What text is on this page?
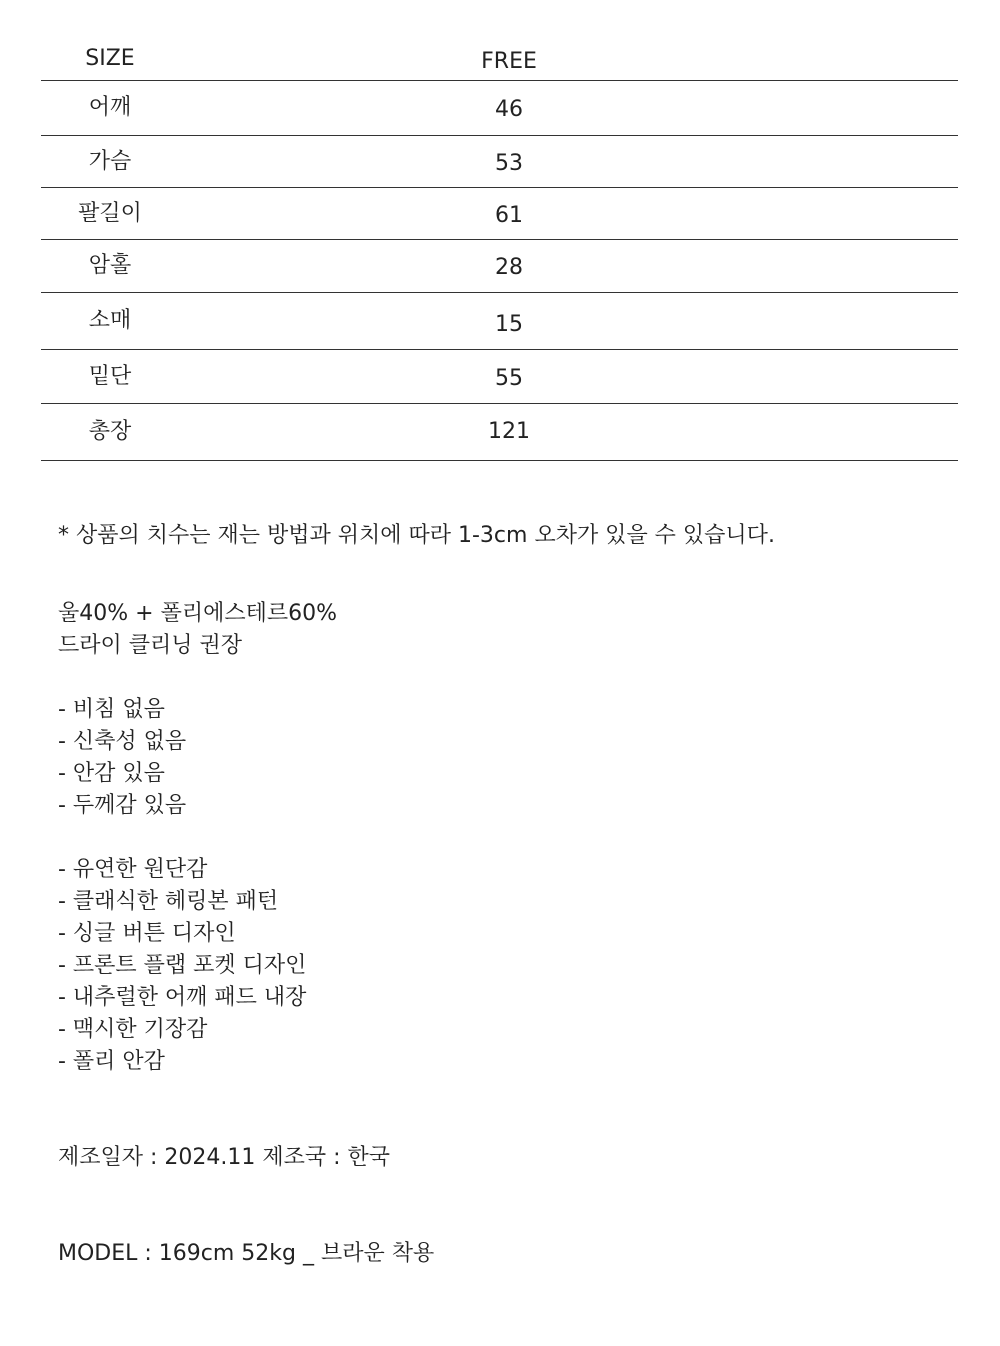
SIZE	FREE
어깨	46
가슴	53
팔길이	61
암홀	28
소매	15
밑단	55
총장	121
* 상품의 치수는 재는 방법과 위치에 따라 1-3cm 오차가 있을 수 있습니다.
울40% + 폴리에스테르60%
드라이 클리닝 권장
- 비침 없음
- 신축성 없음
- 안감 있음
- 두께감 있음
- 유연한 원단감
- 클래식한 헤링본 패턴
- 싱글 버튼 디자인
- 프론트 플랩 포켓 디자인
- 내추럴한 어깨 패드 내장
- 맥시한 기장감
- 폴리 안감
제조일자 : 2024.11 제조국 : 한국
MODEL : 169cm 52kg _ 브라운 착용
